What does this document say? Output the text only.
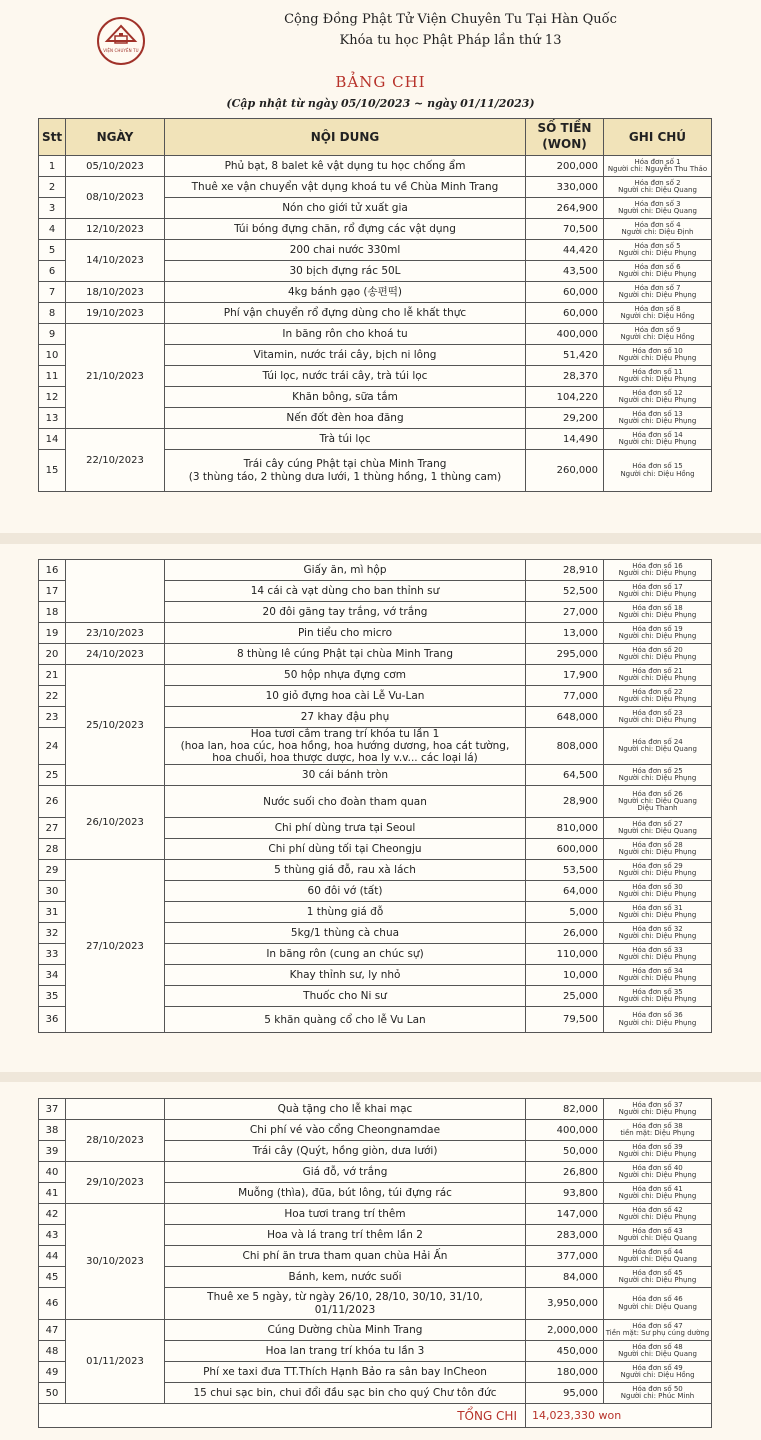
VIỆN CHUYÊN TU
Cộng Đồng Phật Tử Viện Chuyên Tu Tại Hàn Quốc
Khóa tu học Phật Pháp lần thứ 13
BẢNG CHI
(Cập nhật từ ngày 05/10/2023 ~ ngày 01/11/2023)
Stt	NGÀY	NỘI DUNG	SỐ TIỀN
(WON)	GHI CHÚ
1	05/10/2023	Phủ bạt, 8 balet kê vật dụng tu học chống ẩm	200,000	Hóa đơn số 1
Người chi: Nguyễn Thu Thảo
2	08/10/2023	Thuê xe vận chuyển vật dụng khoá tu về Chùa Minh Trang	330,000	Hóa đơn số 2
Người chi: Diệu Quang
3		Nón cho giới tử xuất gia	264,900	Hóa đơn số 3
Người chi: Diệu Quang
4	12/10/2023	Túi bóng đựng chăn, rổ đựng các vật dụng	70,500	Hóa đơn số 4
Người chi: Diệu Định
5	14/10/2023	200 chai nước 330ml	44,420	Hóa đơn số 5
Người chi: Diệu Phụng
6		30 bịch đựng rác 50L	43,500	Hóa đơn số 6
Người chi: Diệu Phụng
7	18/10/2023	4kg bánh gạo (송편떡)	60,000	Hóa đơn số 7
Người chi: Diệu Phụng
8	19/10/2023	Phí vận chuyển rổ đựng dùng cho lễ khất thực	60,000	Hóa đơn số 8
Người chi: Diệu Hồng
9	21/10/2023	In băng rôn cho khoá tu	400,000	Hóa đơn số 9
Người chi: Diệu Hồng
10		Vitamin, nước trái cây, bịch ni lông	51,420	Hóa đơn số 10
Người chi: Diệu Phụng
11		Túi lọc, nước trái cây, trà túi lọc	28,370	Hóa đơn số 11
Người chi: Diệu Phụng
12		Khăn bông, sữa tắm	104,220	Hóa đơn số 12
Người chi: Diệu Phụng
13		Nến đốt đèn hoa đăng	29,200	Hóa đơn số 13
Người chi: Diệu Phụng
14	22/10/2023	Trà túi lọc	14,490	Hóa đơn số 14
Người chi: Diệu Phụng
15		Trái cây cúng Phật tại chùa Minh Trang
(3 thùng táo, 2 thùng dưa lưới, 1 thùng hồng, 1 thùng cam)	260,000	Hóa đơn số 15
Người chi: Diệu Hồng
16		Giấy ăn, mì hộp	28,910	Hóa đơn số 16
Người chi: Diệu Phụng
17		14 cái cà vạt dùng cho ban thỉnh sư	52,500	Hóa đơn số 17
Người chi: Diệu Phụng
18		20 đôi găng tay trắng, vớ trắng	27,000	Hóa đơn số 18
Người chi: Diệu Phụng
19	23/10/2023	Pin tiểu cho micro	13,000	Hóa đơn số 19
Người chi: Diệu Phụng
20	24/10/2023	8 thùng lê cúng Phật tại chùa Minh Trang	295,000	Hóa đơn số 20
Người chi: Diệu Phụng
21	25/10/2023	50 hộp nhựa đựng cơm	17,900	Hóa đơn số 21
Người chi: Diệu Phụng
22		10 giỏ đựng hoa cài Lễ Vu-Lan	77,000	Hóa đơn số 22
Người chi: Diệu Phụng
23		27 khay đậu phụ	648,000	Hóa đơn số 23
Người chi: Diệu Phụng
24		Hoa tươi cắm trang trí khóa tu lần 1
(hoa lan, hoa cúc, hoa hồng, hoa hướng dương, hoa cát tường,
hoa chuối, hoa thược dược, hoa ly v.v... các loại lá)	808,000	Hóa đơn số 24
Người chi: Diệu Quang
25		30 cái bánh tròn	64,500	Hóa đơn số 25
Người chi: Diệu Phụng
26	26/10/2023	Nước suối cho đoàn tham quan	28,900	Hóa đơn số 26
Người chi: Diệu Quang
Diệu Thanh
27		Chi phí dùng trưa tại Seoul	810,000	Hóa đơn số 27
Người chi: Diệu Quang
28		Chi phí dùng tối tại Cheongju	600,000	Hóa đơn số 28
Người chi: Diệu Phụng
29	27/10/2023	5 thùng giá đỗ, rau xà lách	53,500	Hóa đơn số 29
Người chi: Diệu Phụng
30		60 đôi vớ (tất)	64,000	Hóa đơn số 30
Người chi: Diệu Phụng
31		1 thùng giá đỗ	5,000	Hóa đơn số 31
Người chi: Diệu Phụng
32		5kg/1 thùng cà chua	26,000	Hóa đơn số 32
Người chi: Diệu Phụng
33		In băng rôn (cung an chúc sự)	110,000	Hóa đơn số 33
Người chi: Diệu Phụng
34		Khay thỉnh sư, ly nhỏ	10,000	Hóa đơn số 34
Người chi: Diệu Phụng
35		Thuốc cho Ni sư	25,000	Hóa đơn số 35
Người chi: Diệu Phụng
36		5 khăn quàng cổ cho lễ Vu Lan	79,500	Hóa đơn số 36
Người chi: Diệu Phụng
37		Quà tặng cho lễ khai mạc	82,000	Hóa đơn số 37
Người chi: Diệu Phụng
38	28/10/2023	Chi phí vé vào cổng Cheongnamdae	400,000	Hóa đơn số 38
tiền mặt: Diệu Phụng
39		Trái cây (Quýt, hồng giòn, dưa lưới)	50,000	Hóa đơn số 39
Người chi: Diệu Phụng
40	29/10/2023	Giá đỗ, vớ trắng	26,800	Hóa đơn số 40
Người chi: Diệu Phụng
41		Muỗng (thìa), đũa, bút lông, túi đựng rác	93,800	Hóa đơn số 41
Người chi: Diệu Phụng
42	30/10/2023	Hoa tươi trang trí thêm	147,000	Hóa đơn số 42
Người chi: Diệu Phụng
43		Hoa và lá trang trí thêm lần 2	283,000	Hóa đơn số 43
Người chi: Diệu Quang
44		Chi phí ăn trưa tham quan chùa Hải Ấn	377,000	Hóa đơn số 44
Người chi: Diệu Quang
45		Bánh, kem, nước suối	84,000	Hóa đơn số 45
Người chi: Diệu Phụng
46		Thuê xe 5 ngày, từ ngày 26/10, 28/10, 30/10, 31/10,
01/11/2023	3,950,000	Hóa đơn số 46
Người chi: Diệu Quang
47	01/11/2023	Cúng Dường chùa Minh Trang	2,000,000	Hóa đơn số 47
Tiền mặt: Sư phụ cúng dường
48		Hoa lan trang trí khóa tu lần 3	450,000	Hóa đơn số 48
Người chi: Diệu Quang
49		Phí xe taxi đưa TT.Thích Hạnh Bảo ra sân bay InCheon	180,000	Hóa đơn số 49
Người chi: Diệu Hồng
50		15 chui sạc bin, chui đổi đầu sạc bin cho quý Chư tôn đức	95,000	Hóa đơn số 50
Người chi: Phúc Minh
TỔNG CHI			14,023,330 won	
